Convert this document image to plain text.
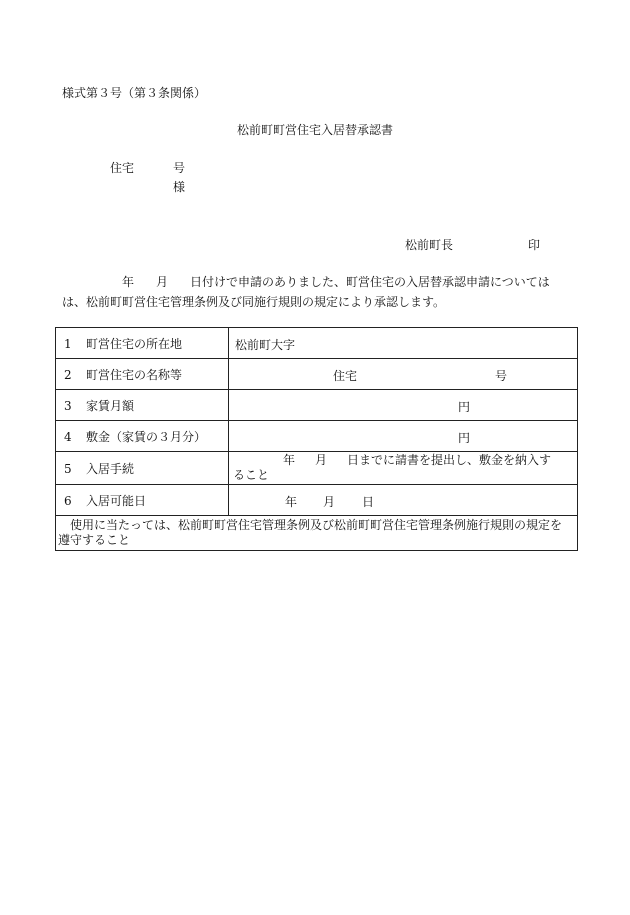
様式第３号（第３条関係）
松前町町営住宅入居替承認書
住宅	号
様
松前町長	印
年 月 日付けで申請のありました、町営住宅の入居替承認申請については
は、松前町町営住宅管理条例及び同施行規則の規定により承認します。
1 町営住宅の所在地	松前町大字

2 町営住宅の名称等	住宅 号

3 家賃月額	円

4 敷金（家賃の３月分）	円

5 入居手続	年 月 日までに請書を提出し、敷金を納入す
ること

6 入居可能日	年 月 日

使用に当たっては、松前町町営住宅管理条例及び松前町町営住宅管理条例施行規則の規定を遵守すること	
